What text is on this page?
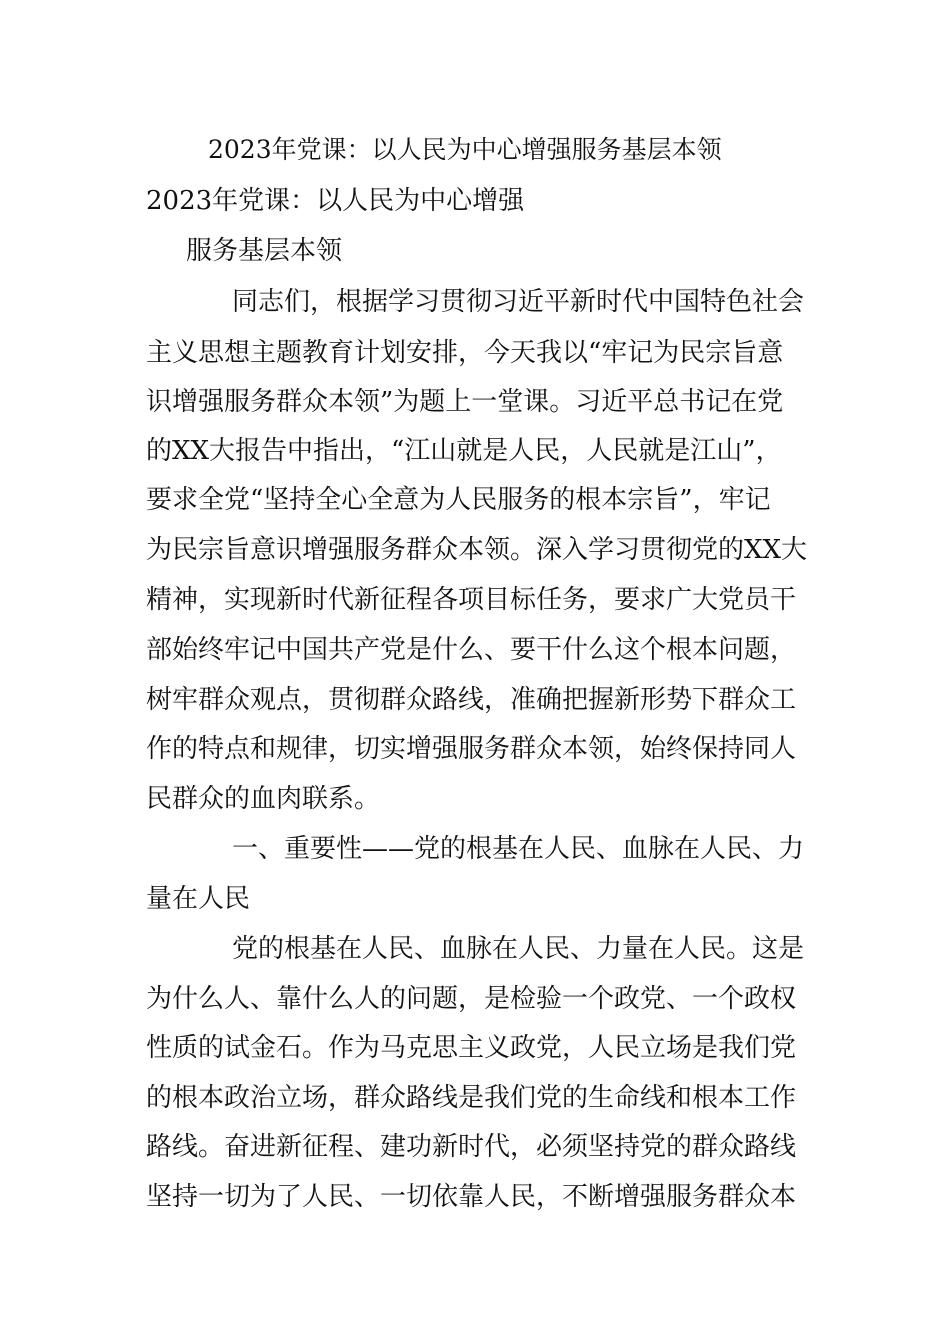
2023年党课：以人民为中心增强服务基层本领
2023年党课：以人民为中心增强
服务基层本领
同志们，根据学习贯彻习近平新时代中国特色社会
主义思想主题教育计划安排，今天我以“牢记为民宗旨意
识增强服务群众本领”为题上一堂课。习近平总书记在党
的XX大报告中指出，“江山就是人民，人民就是江山”，
要求全党“坚持全心全意为人民服务的根本宗旨”，牢记
为民宗旨意识增强服务群众本领。深入学习贯彻党的XX大
精神，实现新时代新征程各项目标任务，要求广大党员干
部始终牢记中国共产党是什么、要干什么这个根本问题，
树牢群众观点，贯彻群众路线，准确把握新形势下群众工
作的特点和规律，切实增强服务群众本领，始终保持同人
民群众的血肉联系。
一、重要性——党的根基在人民、血脉在人民、力
量在人民
党的根基在人民、血脉在人民、力量在人民。这是
为什么人、靠什么人的问题，是检验一个政党、一个政权
性质的试金石。作为马克思主义政党，人民立场是我们党
的根本政治立场，群众路线是我们党的生命线和根本工作
路线。奋进新征程、建功新时代，必须坚持党的群众路线
坚持一切为了人民、一切依靠人民，不断增强服务群众本
